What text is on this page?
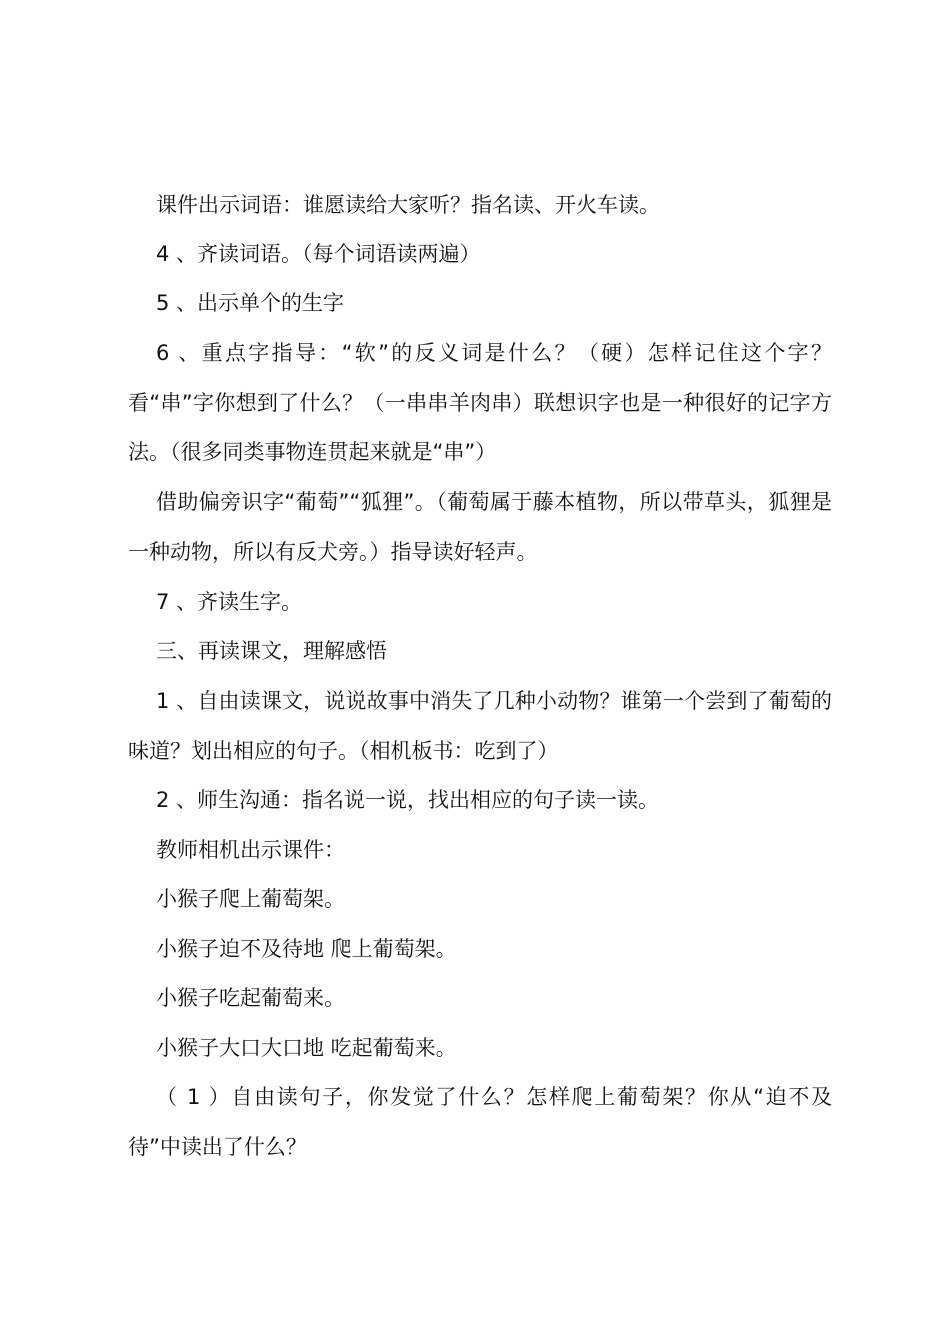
课件出示词语：谁愿读给大家听？指名读、开火车读。

4 、齐读词语。（每个词语读两遍）

5 、出示单个的生字

6 、重点字指导：“软”的反义词是什么？（硬）怎样记住这个字？看“串”字你想到了什么？（一串串羊肉串）联想识字也是一种很好的记字方法。（很多同类事物连贯起来就是“串”）

借助偏旁识字“葡萄”“狐狸”。（葡萄属于藤本植物，所以带草头，狐狸是一种动物，所以有反犬旁。）指导读好轻声。

7 、齐读生字。

三、再读课文，理解感悟

1 、自由读课文，说说故事中消失了几种小动物？谁第一个尝到了葡萄的味道？划出相应的句子。（相机板书：吃到了）

2 、师生沟通：指名说一说，找出相应的句子读一读。

教师相机出示课件：

小猴子爬上葡萄架。

小猴子迫不及待地 爬上葡萄架。

小猴子吃起葡萄来。

小猴子大口大口地 吃起葡萄来。

（ 1 ）自由读句子，你发觉了什么？怎样爬上葡萄架？你从“迫不及待”中读出了什么？
